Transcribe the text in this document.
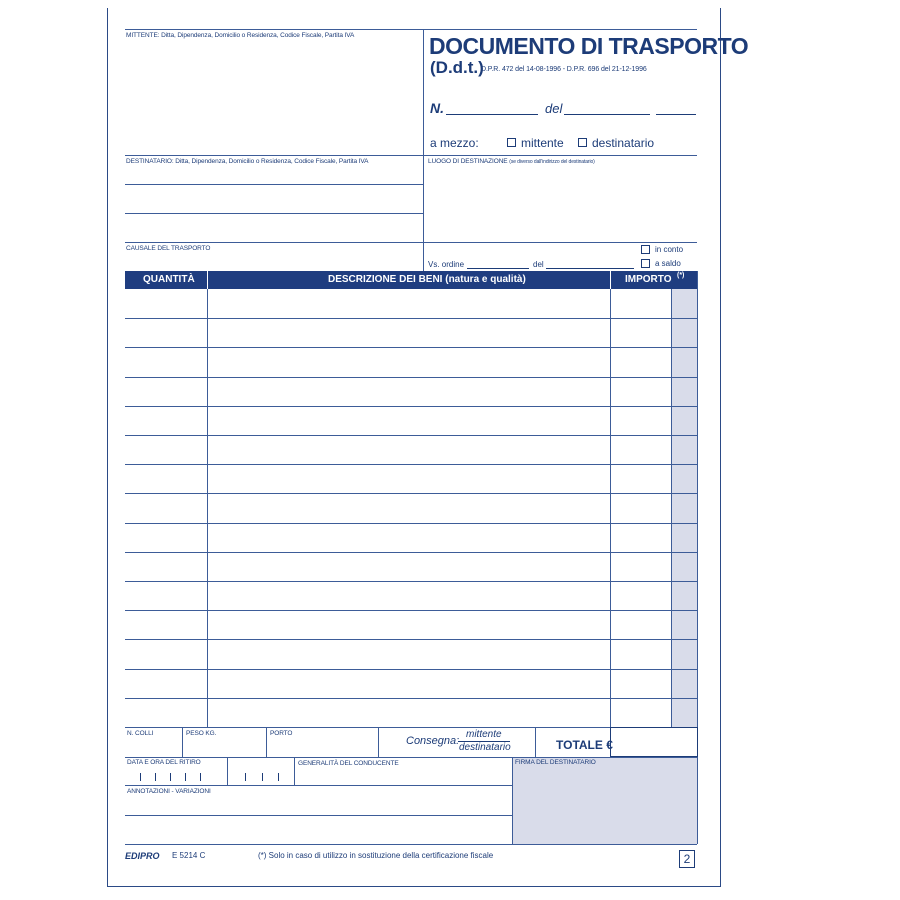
MITTENTE: Ditta, Dipendenza, Domicilio o Residenza, Codice Fiscale, Partita IVA	DOCUMENTO DI TRASPORTO
(D.d.t.)
D.P.R. 472 del 14-08-1996 - D.P.R. 696 del 21-12-1996
N.	del
a mezzo:	mittente destinatario
DESTINATARIO: Ditta, Dipendenza, Domicilio o Residenza, Codice Fiscale, Partita IVA	LUOGO DI DESTINAZIONE (se diverso dall'indirizzo del destinatario)
CAUSALE DEL TRASPORTO
Vs. ordine	del
in conto
a saldo
QUANTITÀ	DESCRIZIONE DEI BENI (natura e qualità)	IMPORTO (*)
N. COLLI	PESO KG.	PORTO
Consegna:
mittente
destinatario	TOTALE €
DATA E ORA DEL RITIRO	GENERALITÀ DEL CONDUCENTE	FIRMA DEL DESTINATARIO
ANNOTAZIONI - VARIAZIONI
EDIPRO E 5214 C	(*) Solo in caso di utilizzo in sostituzione della certificazione fiscale	2
